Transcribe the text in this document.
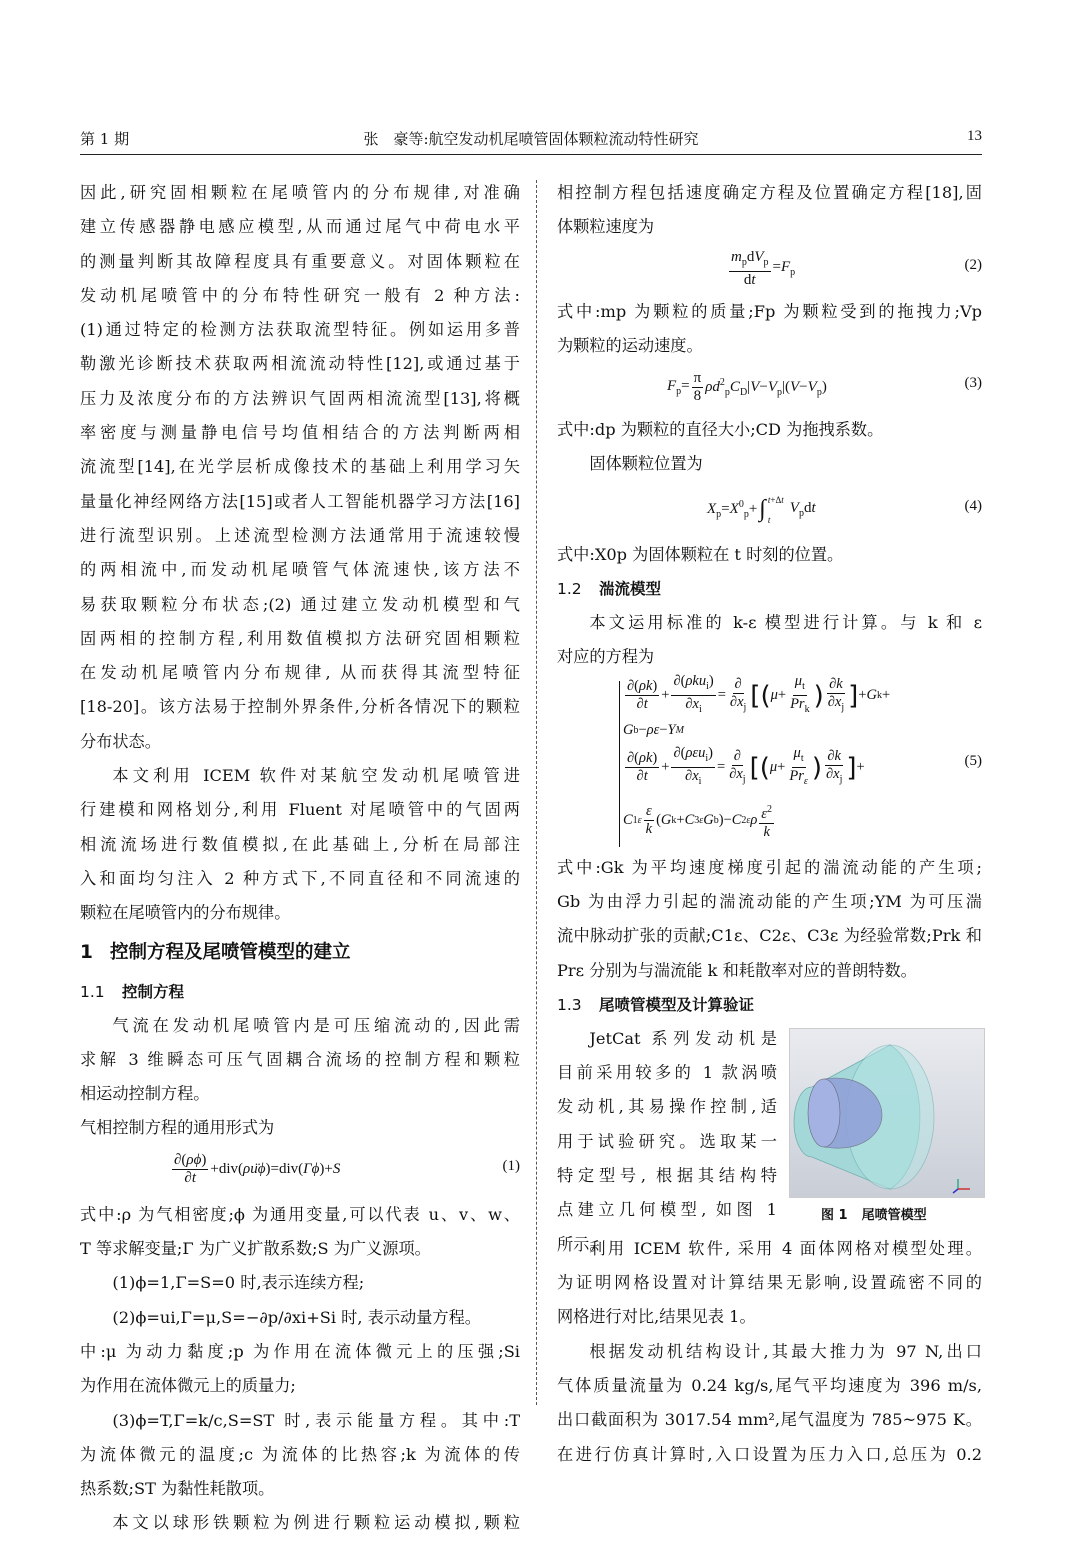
第 1 期	张　豪等:航空发动机尾喷管固体颗粒流动特性研究	13
因此,研究固相颗粒在尾喷管内的分布规律,对准确
建立传感器静电感应模型,从而通过尾气中荷电水平
的测量判断其故障程度具有重要意义。对固体颗粒在
发动机尾喷管中的分布特性研究一般有 2 种方法:
(1)通过特定的检测方法获取流型特征。例如运用多普
勒激光诊断技术获取两相流流动特性[12],或通过基于
压力及浓度分布的方法辨识气固两相流流型[13],将概
率密度与测量静电信号均值相结合的方法判断两相
流流型[14],在光学层析成像技术的基础上利用学习矢
量量化神经网络方法[15]或者人工智能机器学习方法[16]
进行流型识别。上述流型检测方法通常用于流速较慢
的两相流中,而发动机尾喷管气体流速快,该方法不
易获取颗粒分布状态;(2) 通过建立发动机模型和气
固两相的控制方程,利用数值模拟方法研究固相颗粒
在发动机尾喷管内分布规律, 从而获得其流型特征
[18-20]。该方法易于控制外界条件,分析各情况下的颗粒
分布状态。
本文利用 ICEM 软件对某航空发动机尾喷管进
行建模和网格划分,利用 Fluent 对尾喷管中的气固两
相流流场进行数值模拟,在此基础上,分析在局部注
入和面均匀注入 2 种方式下,不同直径和不同流速的
颗粒在尾喷管内的分布规律。
1 控制方程及尾喷管模型的建立
1.1 控制方程
气流在发动机尾喷管内是可压缩流动的,因此需
求解 3 维瞬态可压气固耦合流场的控制方程和颗粒
相运动控制方程。
气相控制方程的通用形式为
$\frac{\partial(\rho\phi)}{\partial t} +div(\rho u\phi)=div(\Gamma\phi)+S$	(1)
式中:ρ 为气相密度;ϕ 为通用变量,可以代表 u、v、w、
T 等求解变量;Γ 为广义扩散系数;S 为广义源项。
(1)ϕ=1,Γ=S=0 时,表示连续方程;
(2)ϕ=ui,Γ=μ,S=−∂p/∂xi+Si 时, 表示动量方程。
中:μ 为动力黏度;p 为作用在流体微元上的压强;Si
为作用在流体微元上的质量力;
(3)ϕ=T,Γ=k/c,S=ST 时,表示能量方程。其中:T
为流体微元的温度;c 为流体的比热容;k 为流体的传
热系数;ST 为黏性耗散项。
本文以球形铁颗粒为例进行颗粒运动模拟,颗粒
相控制方程包括速度确定方程及位置确定方程[18],固
体颗粒速度为
$\frac{m_pdV_p}{dt} =F_p$	(2)
式中:mp 为颗粒的质量;Fp 为颗粒受到的拖拽力;Vp
为颗粒的运动速度。
$F_p= \frac{\pi}{8} \rho d^2_pC_D|V-V_p|(V-V_p)$	(3)
式中:dp 为颗粒的直径大小;CD 为拖拽系数。
固体颗粒位置为
$X_p=X^0_p+$ ∫ t+Δt
t
$V_pdt$	(4)
式中:X0p 为固体颗粒在 t 时刻的位置。
1.2 湍流模型
本文运用标准的 k-ε 模型进行计算。与 k 和 ε
对应的方程为
$\frac{\partial(\rho k)}{\partial t} + \frac{\partial(\rho ku_i)}{\partial x_i} = \frac{\partial}{\partial x_j}$ [ ( $\mu + \frac{\mu_t}{Pr_k}$ ) $\frac{\partial k}{\partial x_j}$ ] + G k +
G b − ρε − Y M
$\frac{\partial(\rho k)}{\partial t} + \frac{\partial(\rho\varepsilon u_i)}{\partial x_i} = \frac{\partial}{\partial x_j}$ [ ( $\mu + \frac{\mu_t}{Pr_\varepsilon}$ ) $\frac{\partial k}{\partial x_j}$ ] +
C $1\varepsilon \frac{\varepsilon}{k}$ ( G k + C 3ε G b )− C 2ε ρ $\frac{\varepsilon^2}{k}$
(5)
式中:Gk 为平均速度梯度引起的湍流动能的产生项;
Gb 为由浮力引起的湍流动能的产生项;YM 为可压湍
流中脉动扩张的贡献;C1ε、C2ε、C3ε 为经验常数;Prk 和
Prε 分别为与湍流能 k 和耗散率对应的普朗特数。
1.3 尾喷管模型及计算验证
JetCat 系列发动机是
目前采用较多的 1 款涡喷
发动机,其易操作控制,适
用于试验研究。选取某一
特定型号, 根据其结构特
点建立几何模型, 如图 1
所示。
图 1 尾喷管模型
利用 ICEM 软件, 采用 4 面体网格对模型处理。
为证明网格设置对计算结果无影响,设置疏密不同的
网格进行对比,结果见表 1。
根据发动机结构设计,其最大推力为 97 N,出口
气体质量流量为 0.24 kg/s,尾气平均速度为 396 m/s,
出口截面积为 3017.54 mm²,尾气温度为 785~975 K。
在进行仿真计算时,入口设置为压力入口,总压为 0.2
